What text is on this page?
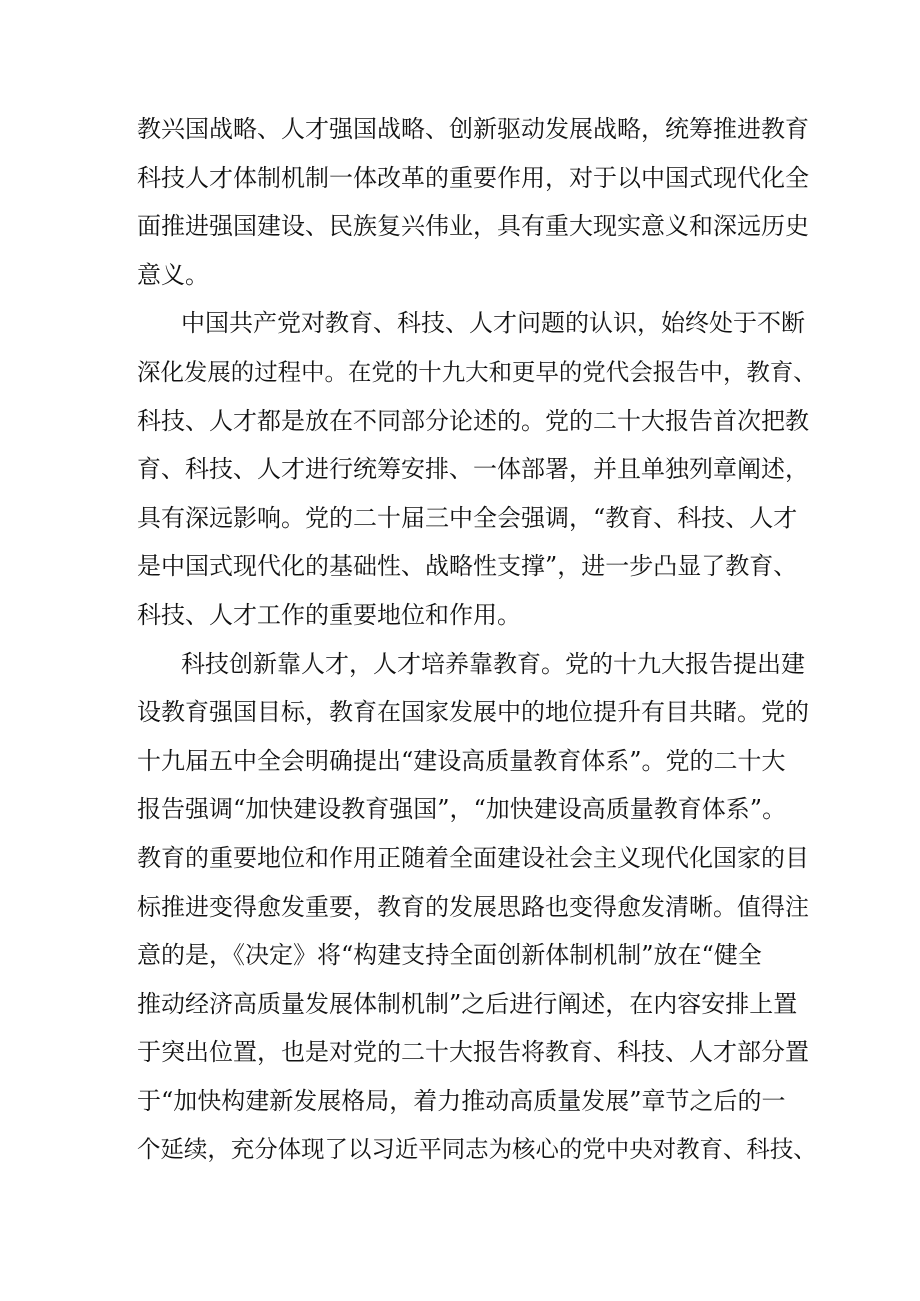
教兴国战略、人才强国战略、创新驱动发展战略，统筹推进教育
科技人才体制机制一体改革的重要作用，对于以中国式现代化全
面推进强国建设、民族复兴伟业，具有重大现实意义和深远历史
意义。
中国共产党对教育、科技、人才问题的认识，始终处于不断
深化发展的过程中。在党的十九大和更早的党代会报告中，教育、
科技、人才都是放在不同部分论述的。党的二十大报告首次把教
育、科技、人才进行统筹安排、一体部署，并且单独列章阐述，
具有深远影响。党的二十届三中全会强调，“教育、科技、人才
是中国式现代化的基础性、战略性支撑”，进一步凸显了教育、
科技、人才工作的重要地位和作用。
科技创新靠人才，人才培养靠教育。党的十九大报告提出建
设教育强国目标，教育在国家发展中的地位提升有目共睹。党的
十九届五中全会明确提出“建设高质量教育体系”。党的二十大
报告强调“加快建设教育强国”，“加快建设高质量教育体系”。
教育的重要地位和作用正随着全面建设社会主义现代化国家的目
标推进变得愈发重要，教育的发展思路也变得愈发清晰。值得注
意的是，《决定》将“构建支持全面创新体制机制”放在“健全
推动经济高质量发展体制机制”之后进行阐述，在内容安排上置
于突出位置，也是对党的二十大报告将教育、科技、人才部分置
于“加快构建新发展格局，着力推动高质量发展”章节之后的一
个延续，充分体现了以习近平同志为核心的党中央对教育、科技、
